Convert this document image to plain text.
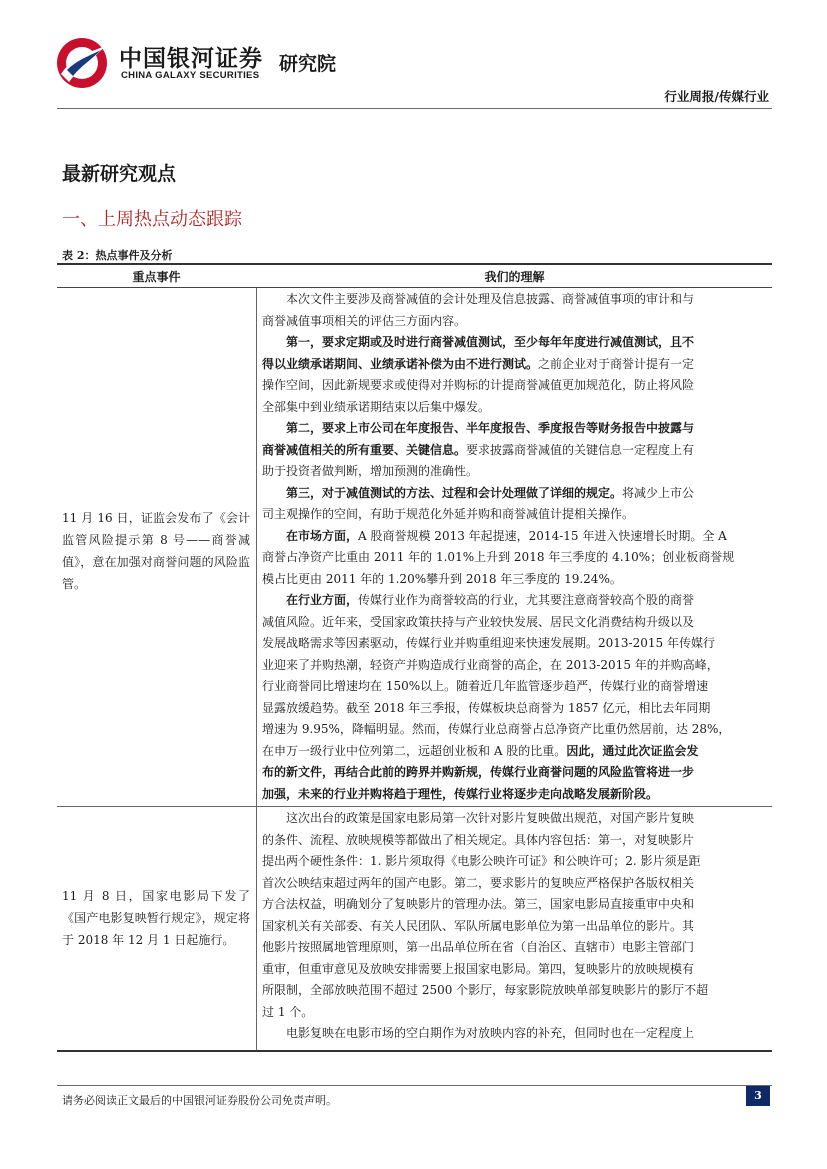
中国银河证券
CHINA GALAXY SECURITIES
研究院
行业周报/传媒行业
最新研究观点
一、上周热点动态跟踪
表 2：热点事件及分析
重点事件	我们的理解
11 月 16 日，证监会发布了《会计监管风险提示第 8 号——商誉减值》，意在加强对商誉问题的风险监管。
本次文件主要涉及商誉减值的会计处理及信息披露、商誉减值事项的审计和与
商誉减值事项相关的评估三方面内容。
第一，要求定期或及时进行商誉减值测试，至少每年年度进行减值测试，且不
得以业绩承诺期间、业绩承诺补偿为由不进行测试。之前企业对于商誉计提有一定
操作空间，因此新规要求或使得对并购标的计提商誉减值更加规范化，防止将风险
全部集中到业绩承诺期结束以后集中爆发。
第二，要求上市公司在年度报告、半年度报告、季度报告等财务报告中披露与
商誉减值相关的所有重要、关键信息。要求披露商誉减值的关键信息一定程度上有
助于投资者做判断，增加预测的准确性。
第三，对于减值测试的方法、过程和会计处理做了详细的规定。将减少上市公
司主观操作的空间，有助于规范化外延并购和商誉减值计提相关操作。
在市场方面，A 股商誉规模 2013 年起提速，2014-15 年进入快速增长时期。全 A
商誉占净资产比重由 2011 年的 1.01%上升到 2018 年三季度的 4.10%；创业板商誉规
模占比更由 2011 年的 1.20%攀升到 2018 年三季度的 19.24%。
在行业方面，传媒行业作为商誉较高的行业，尤其要注意商誉较高个股的商誉
减值风险。近年来，受国家政策扶持与产业较快发展、居民文化消费结构升级以及
发展战略需求等因素驱动，传媒行业并购重组迎来快速发展期。2013-2015 年传媒行
业迎来了并购热潮，轻资产并购造成行业商誉的高企，在 2013-2015 年的并购高峰，
行业商誉同比增速均在 150%以上。随着近几年监管逐步趋严，传媒行业的商誉增速
显露放缓趋势。截至 2018 年三季报，传媒板块总商誉为 1857 亿元，相比去年同期
增速为 9.95%，降幅明显。然而，传媒行业总商誉占总净资产比重仍然居前，达 28%，
在申万一级行业中位列第二，远超创业板和 A 股的比重。因此，通过此次证监会发
布的新文件，再结合此前的跨界并购新规，传媒行业商誉问题的风险监管将进一步
加强，未来的行业并购将趋于理性，传媒行业将逐步走向战略发展新阶段。
11 月 8 日，国家电影局下发了《国产电影复映暂行规定》，规定将于 2018 年 12 月 1 日起施行。
这次出台的政策是国家电影局第一次针对影片复映做出规范，对国产影片复映
的条件、流程、放映规模等都做出了相关规定。具体内容包括：第一，对复映影片
提出两个硬性条件：1. 影片须取得《电影公映许可证》和公映许可；2. 影片须是距
首次公映结束超过两年的国产电影。第二，要求影片的复映应严格保护各版权相关
方合法权益，明确划分了复映影片的管理办法。第三，国家电影局直接重审中央和
国家机关有关部委、有关人民团队、军队所属电影单位为第一出品单位的影片。其
他影片按照属地管理原则，第一出品单位所在省（自治区、直辖市）电影主管部门
重审，但重审意见及放映安排需要上报国家电影局。第四，复映影片的放映规模有
所限制，全部放映范围不超过 2500 个影厅，每家影院放映单部复映影片的影厅不超
过 1 个。
电影复映在电影市场的空白期作为对放映内容的补充，但同时也在一定程度上
请务必阅读正文最后的中国银河证券股份公司免责声明。	3
